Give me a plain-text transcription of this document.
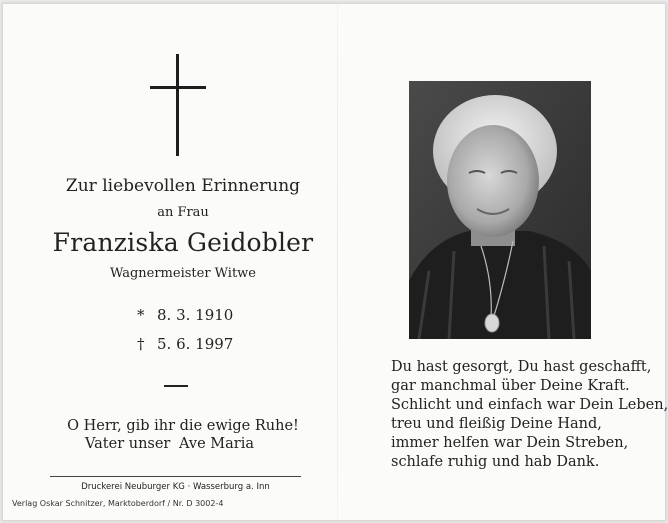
Zur liebevollen Erinnerung
an Frau
Franziska Geidobler
Wagnermeister Witwe
* 8. 3. 1910
† 5. 6. 1997
O Herr, gib ihr die ewige Ruhe!
Vater unser Ave Maria
Druckerei Neuburger KG · Wasserburg a. Inn
Verlag Oskar Schnitzer, Marktoberdorf / Nr. D 3002-4
Du hast gesorgt, Du hast geschafft,
gar manchmal über Deine Kraft.
Schlicht und einfach war Dein Leben,
treu und fleißig Deine Hand,
immer helfen war Dein Streben,
schlafe ruhig und hab Dank.
